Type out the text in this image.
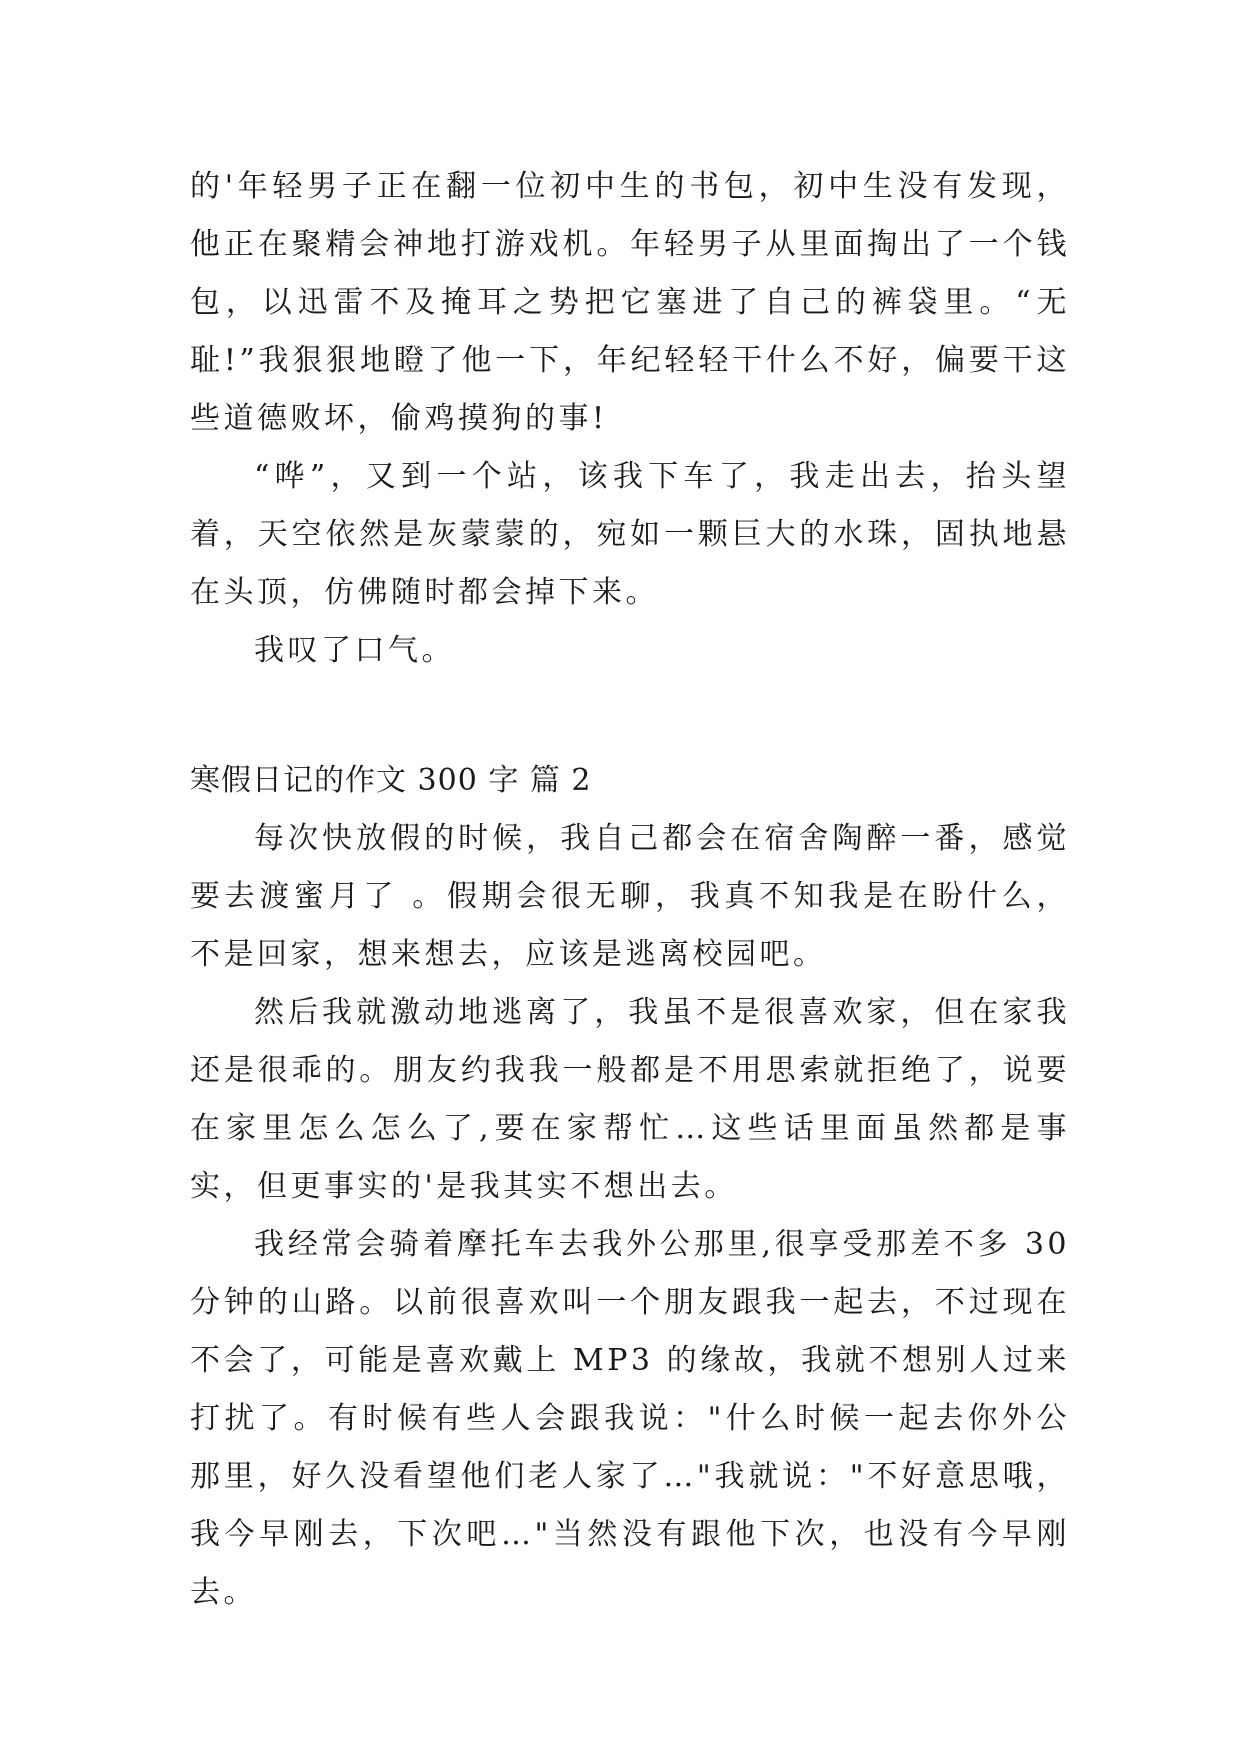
的'年轻男子正在翻一位初中生的书包，初中生没有发现，他正在聚精会神地打游戏机。年轻男子从里面掏出了一个钱包，以迅雷不及掩耳之势把它塞进了自己的裤袋里。“无耻!”我狠狠地瞪了他一下，年纪轻轻干什么不好，偏要干这些道德败坏，偷鸡摸狗的事!

“哗”，又到一个站，该我下车了，我走出去，抬头望着，天空依然是灰蒙蒙的，宛如一颗巨大的水珠，固执地悬在头顶，仿佛随时都会掉下来。

我叹了口气。

寒假日记的作文 300 字 篇 2

每次快放假的时候，我自己都会在宿舍陶醉一番，感觉要去渡蜜月了 。假期会很无聊，我真不知我是在盼什么，不是回家，想来想去，应该是逃离校园吧。

然后我就激动地逃离了，我虽不是很喜欢家，但在家我还是很乖的。朋友约我我一般都是不用思索就拒绝了，说要在家里怎么怎么了,要在家帮忙…这些话里面虽然都是事实，但更事实的'是我其实不想出去。

我经常会骑着摩托车去我外公那里,很享受那差不多 30 分钟的山路。以前很喜欢叫一个朋友跟我一起去，不过现在不会了，可能是喜欢戴上 MP3 的缘故，我就不想别人过来打扰了。有时候有些人会跟我说："什么时候一起去你外公那里，好久没看望他们老人家了…"我就说："不好意思哦，我今早刚去，下次吧…"当然没有跟他下次，也没有今早刚去。
